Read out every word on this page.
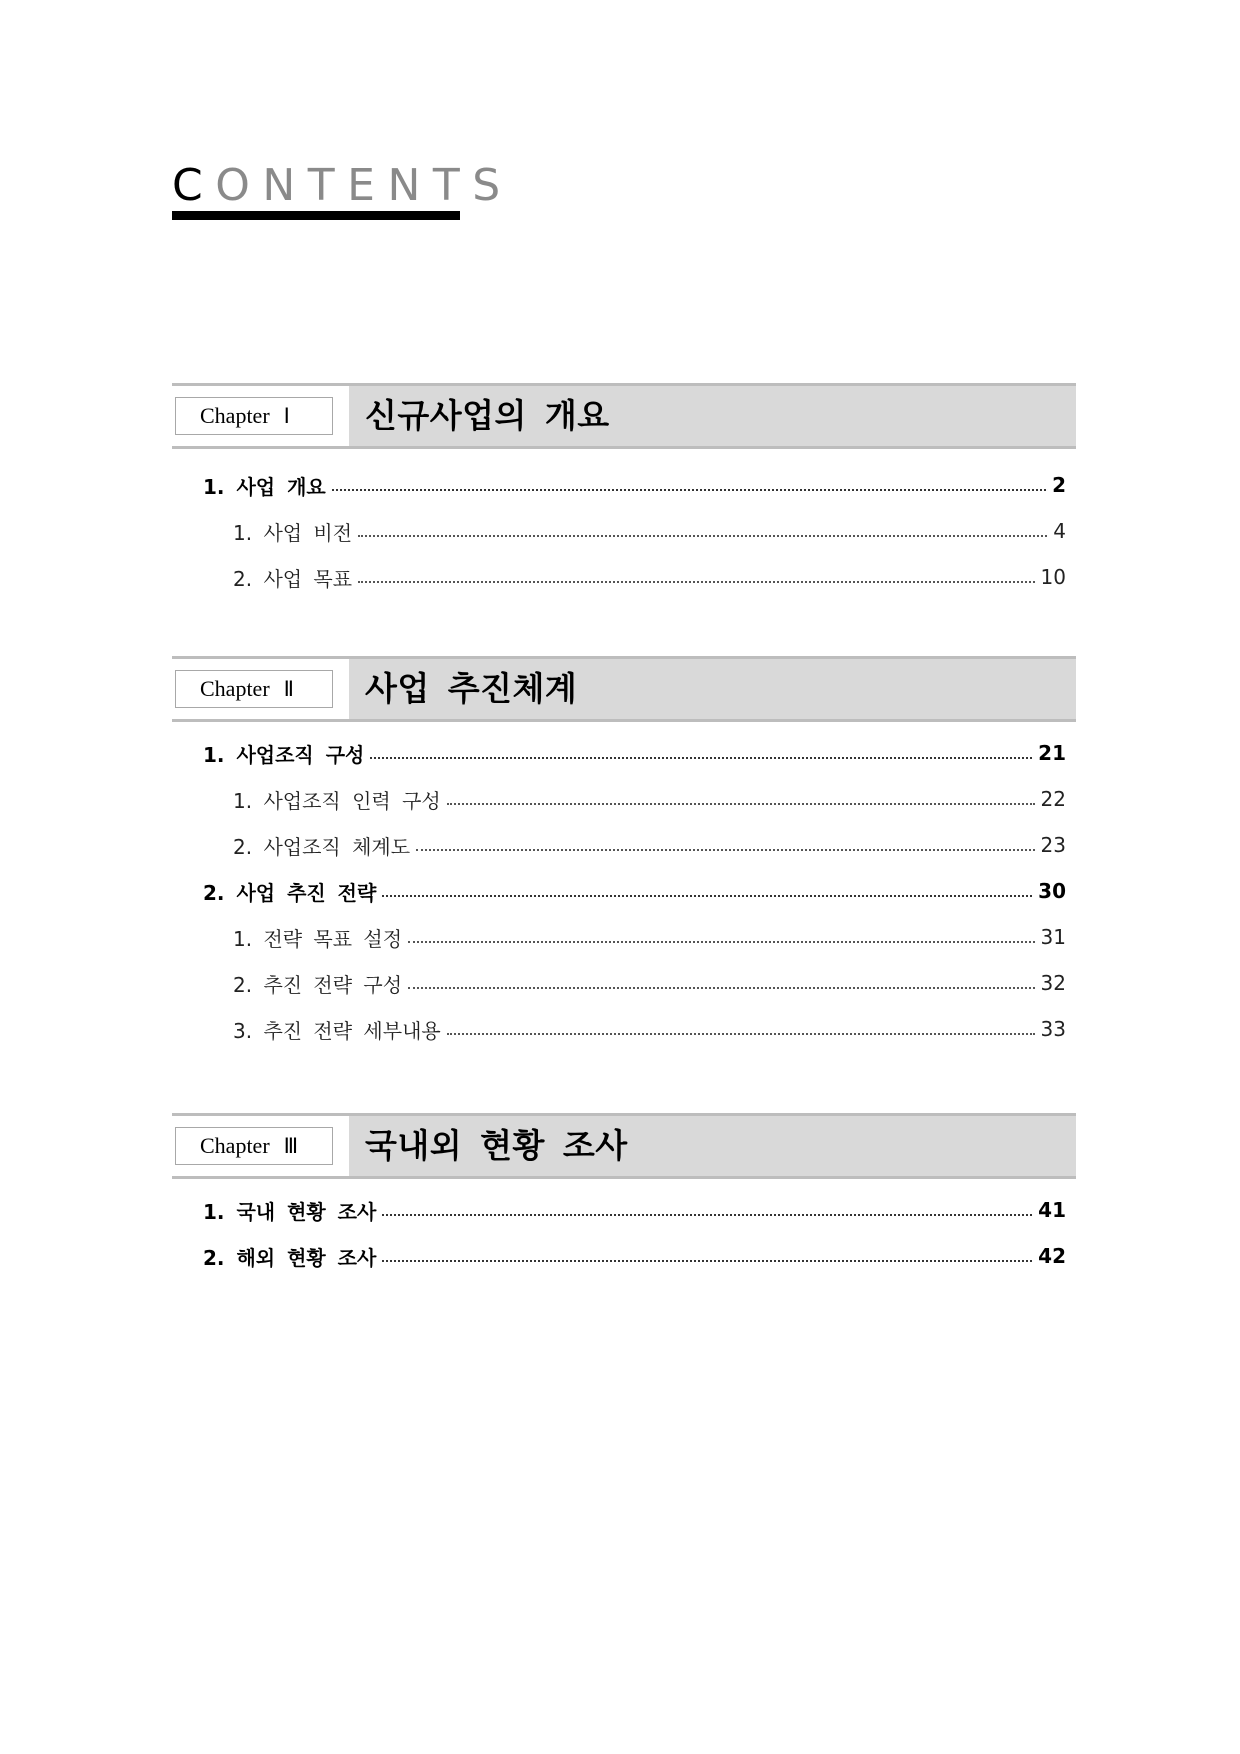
CONTENTS
Chapter Ⅰ	신규사업의 개요
1. 사업 개요	2
1. 사업 비전	4
2. 사업 목표	10
Chapter Ⅱ	사업 추진체계
1. 사업조직 구성	21
1. 사업조직 인력 구성	22
2. 사업조직 체계도	23
2. 사업 추진 전략	30
1. 전략 목표 설정	31
2. 추진 전략 구성	32
3. 추진 전략 세부내용	33
Chapter Ⅲ	국내외 현황 조사
1. 국내 현황 조사	41
2. 해외 현황 조사	42
